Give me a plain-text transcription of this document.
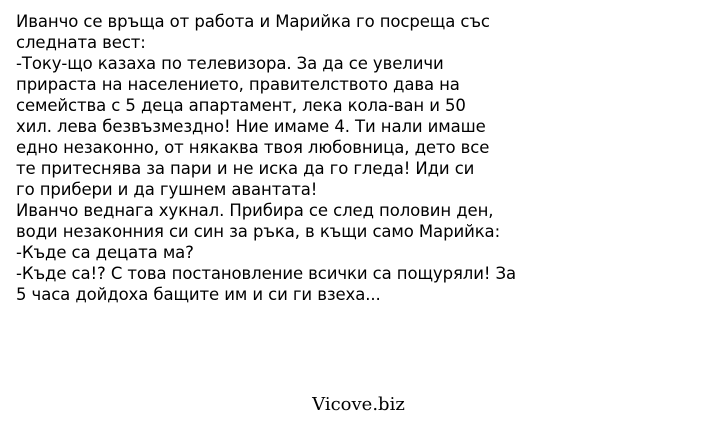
Иванчо се връща от работа и Марийка го посреща със
следната вест:
-Току-що казаха по телевизора. За да се увеличи
прираста на населението, правителството дава на
семейства с 5 деца апартамент, лека кола-ван и 50
хил. лева безвъзмездно! Ние имаме 4. Ти нали имаше
едно незаконно, от някаква твоя любовница, дето все
те притеснява за пари и не иска да го гледа! Иди си
го прибери и да гушнем авантата!
Иванчо веднага хукнал. Прибира се след половин ден,
води незаконния си син за ръка, в къщи само Марийка:
-Къде са децата ма?
-Къде са!? С това постановление всички са пощуряли! За
5 часа дойдоха бащите им и си ги взеха...
Vicove.biz
